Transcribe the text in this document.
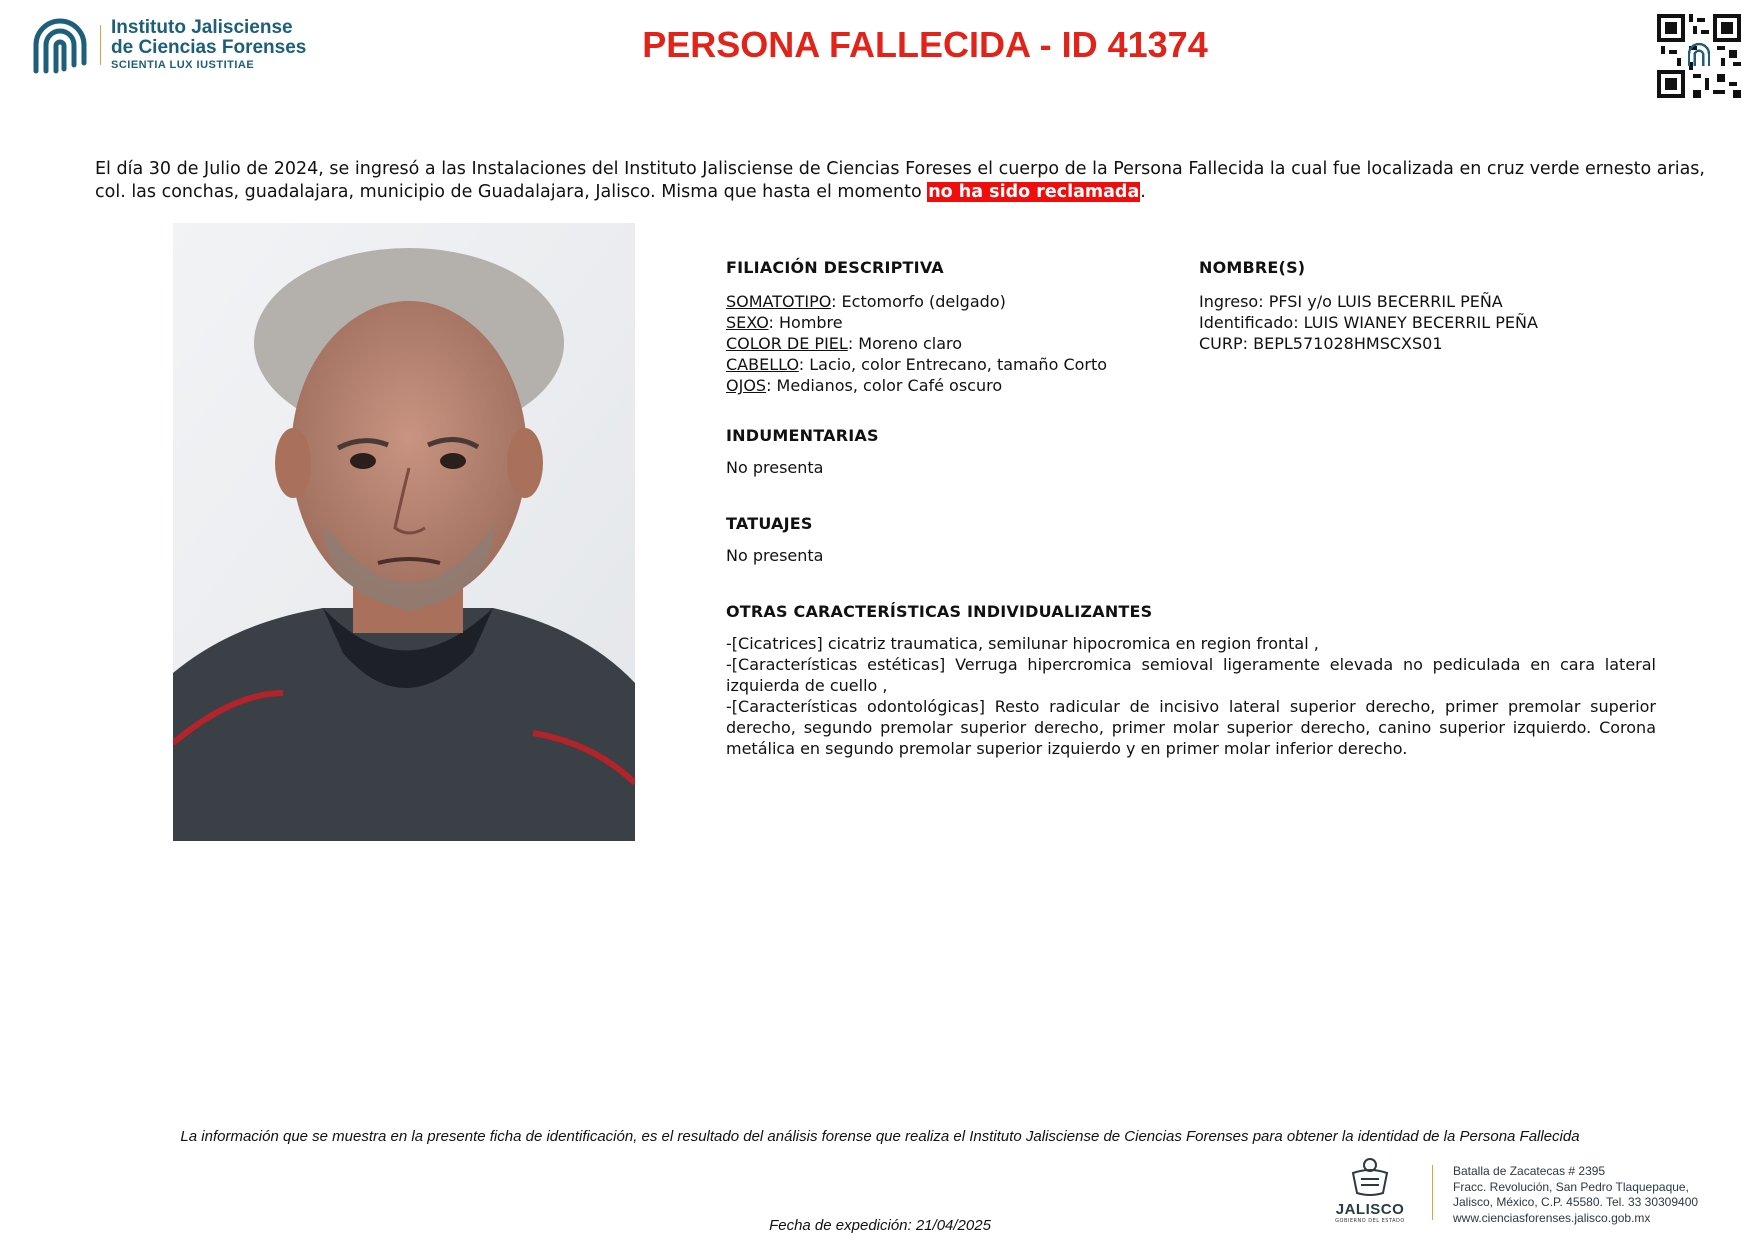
Instituto Jalisciense
de Ciencias Forenses
SCIENTIA LUX IUSTITIAE
PERSONA FALLECIDA - ID 41374
El día 30 de Julio de 2024, se ingresó a las Instalaciones del Instituto Jalisciense de Ciencias Foreses el cuerpo de la Persona Fallecida la cual fue localizada en cruz verde ernesto arias, col. las conchas, guadalajara, municipio de Guadalajara, Jalisco. Misma que hasta el momento no ha sido reclamada.
FILIACIÓN DESCRIPTIVA
SOMATOTIPO: Ectomorfo (delgado)
SEXO: Hombre
COLOR DE PIEL: Moreno claro
CABELLO: Lacio, color Entrecano, tamaño Corto
OJOS: Medianos, color Café oscuro
INDUMENTARIAS
No presenta
TATUAJES
No presenta
OTRAS CARACTERÍSTICAS INDIVIDUALIZANTES

-[Cicatrices] cicatriz traumatica, semilunar hipocromica en region frontal ,

-[Características estéticas] Verruga hipercromica semioval ligeramente elevada no pediculada en cara lateral izquierda de cuello ,

-[Características odontológicas] Resto radicular de incisivo lateral superior derecho, primer premolar superior derecho, segundo premolar superior derecho, primer molar superior derecho, canino superior izquierdo. Corona metálica en segundo premolar superior izquierdo y en primer molar inferior derecho.

NOMBRE(S)
Ingreso: PFSI y/o LUIS BECERRIL PEÑA
Identificado: LUIS WIANEY BECERRIL PEÑA
CURP: BEPL571028HMSCXS01
La información que se muestra en la presente ficha de identificación, es el resultado del análisis forense que realiza el Instituto Jalisciense de Ciencias Forenses para obtener la identidad de la Persona Fallecida
Fecha de expedición: 21/04/2025
JALISCO
GOBIERNO DEL ESTADO
Batalla de Zacatecas # 2395
Fracc. Revolución, San Pedro Tlaquepaque,
Jalisco, México, C.P. 45580. Tel. 33 30309400
www.cienciasforenses.jalisco.gob.mx
